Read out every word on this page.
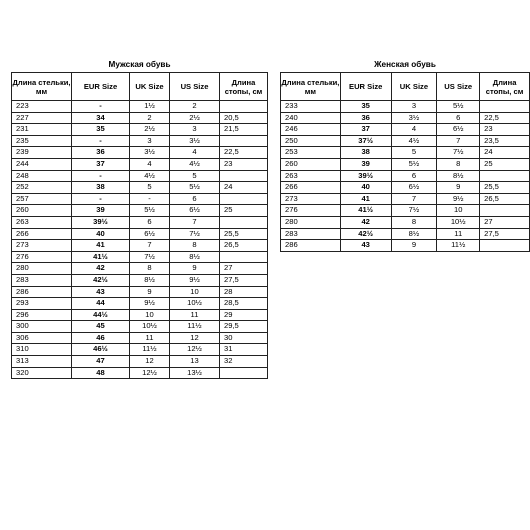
Мужская обувь
Длина стельки, мм	EUR Size	UK Size	US Size	Длина стопы, см
223	-	1½	2	
227	34	2	2½	20,5
231	35	2½	3	21,5
235	-	3	3½	
239	36	3½	4	22,5
244	37	4	4½	23
248	-	4½	5	
252	38	5	5½	24
257	-	-	6	
260	39	5½	6½	25
263	39½	6	7	
266	40	6½	7½	25,5
273	41	7	8	26,5
276	41½	7½	8½	
280	42	8	9	27
283	42½	8½	9½	27,5
286	43	9	10	28
293	44	9½	10½	28,5
296	44½	10	11	29
300	45	10½	11½	29,5
306	46	11	12	30
310	46½	11½	12½	31
313	47	12	13	32
320	48	12½	13½	
Женская обувь
Длина стельки, мм	EUR Size	UK Size	US Size	Длина стопы, см
233	35	3	5½	
240	36	3½	6	22,5
246	37	4	6½	23
250	37½	4½	7	23,5
253	38	5	7½	24
260	39	5½	8	25
263	39½	6	8½	
266	40	6½	9	25,5
273	41	7	9½	26,5
276	41½	7½	10	
280	42	8	10½	27
283	42½	8½	11	27,5
286	43	9	11½	
